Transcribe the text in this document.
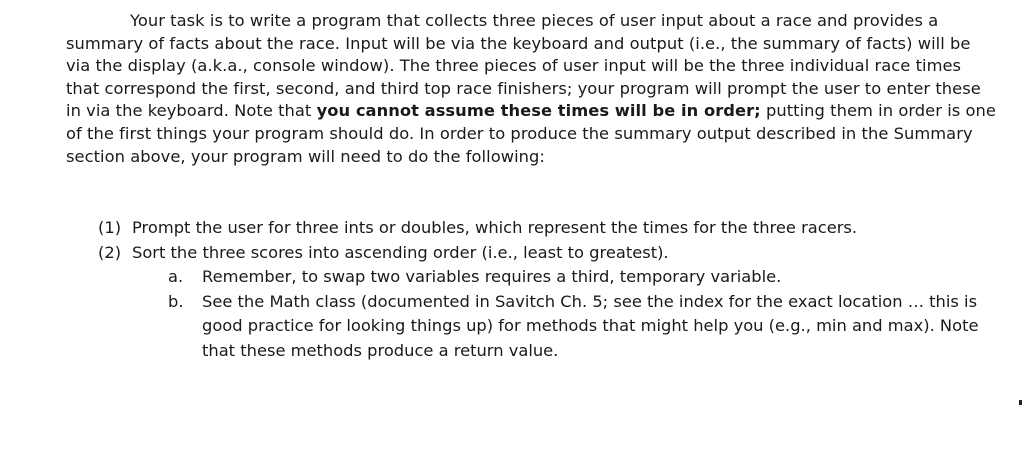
Your task is to write a program that collects three pieces of user input about a race and provides a summary of facts about the race. Input will be via the keyboard and output (i.e., the summary of facts) will be via the display (a.k.a., console window). The three pieces of user input will be the three individual race times that correspond the first, second, and third top race finishers; your program will prompt the user to enter these in via the keyboard. Note that you cannot assume these times will be in order; putting them in order is one of the first things your program should do. In order to produce the summary output described in the Summary section above, your program will need to do the following:

(1) Prompt the user for three ints or doubles, which represent the times for the three racers.
(2) Sort the three scores into ascending order (i.e., least to greatest).
a.	Remember, to swap two variables requires a third, temporary variable.
b.	See the Math class (documented in Savitch Ch. 5; see the index for the exact location … this is good practice for looking things up) for methods that might help you (e.g., min and max). Note that these methods produce a return value.
